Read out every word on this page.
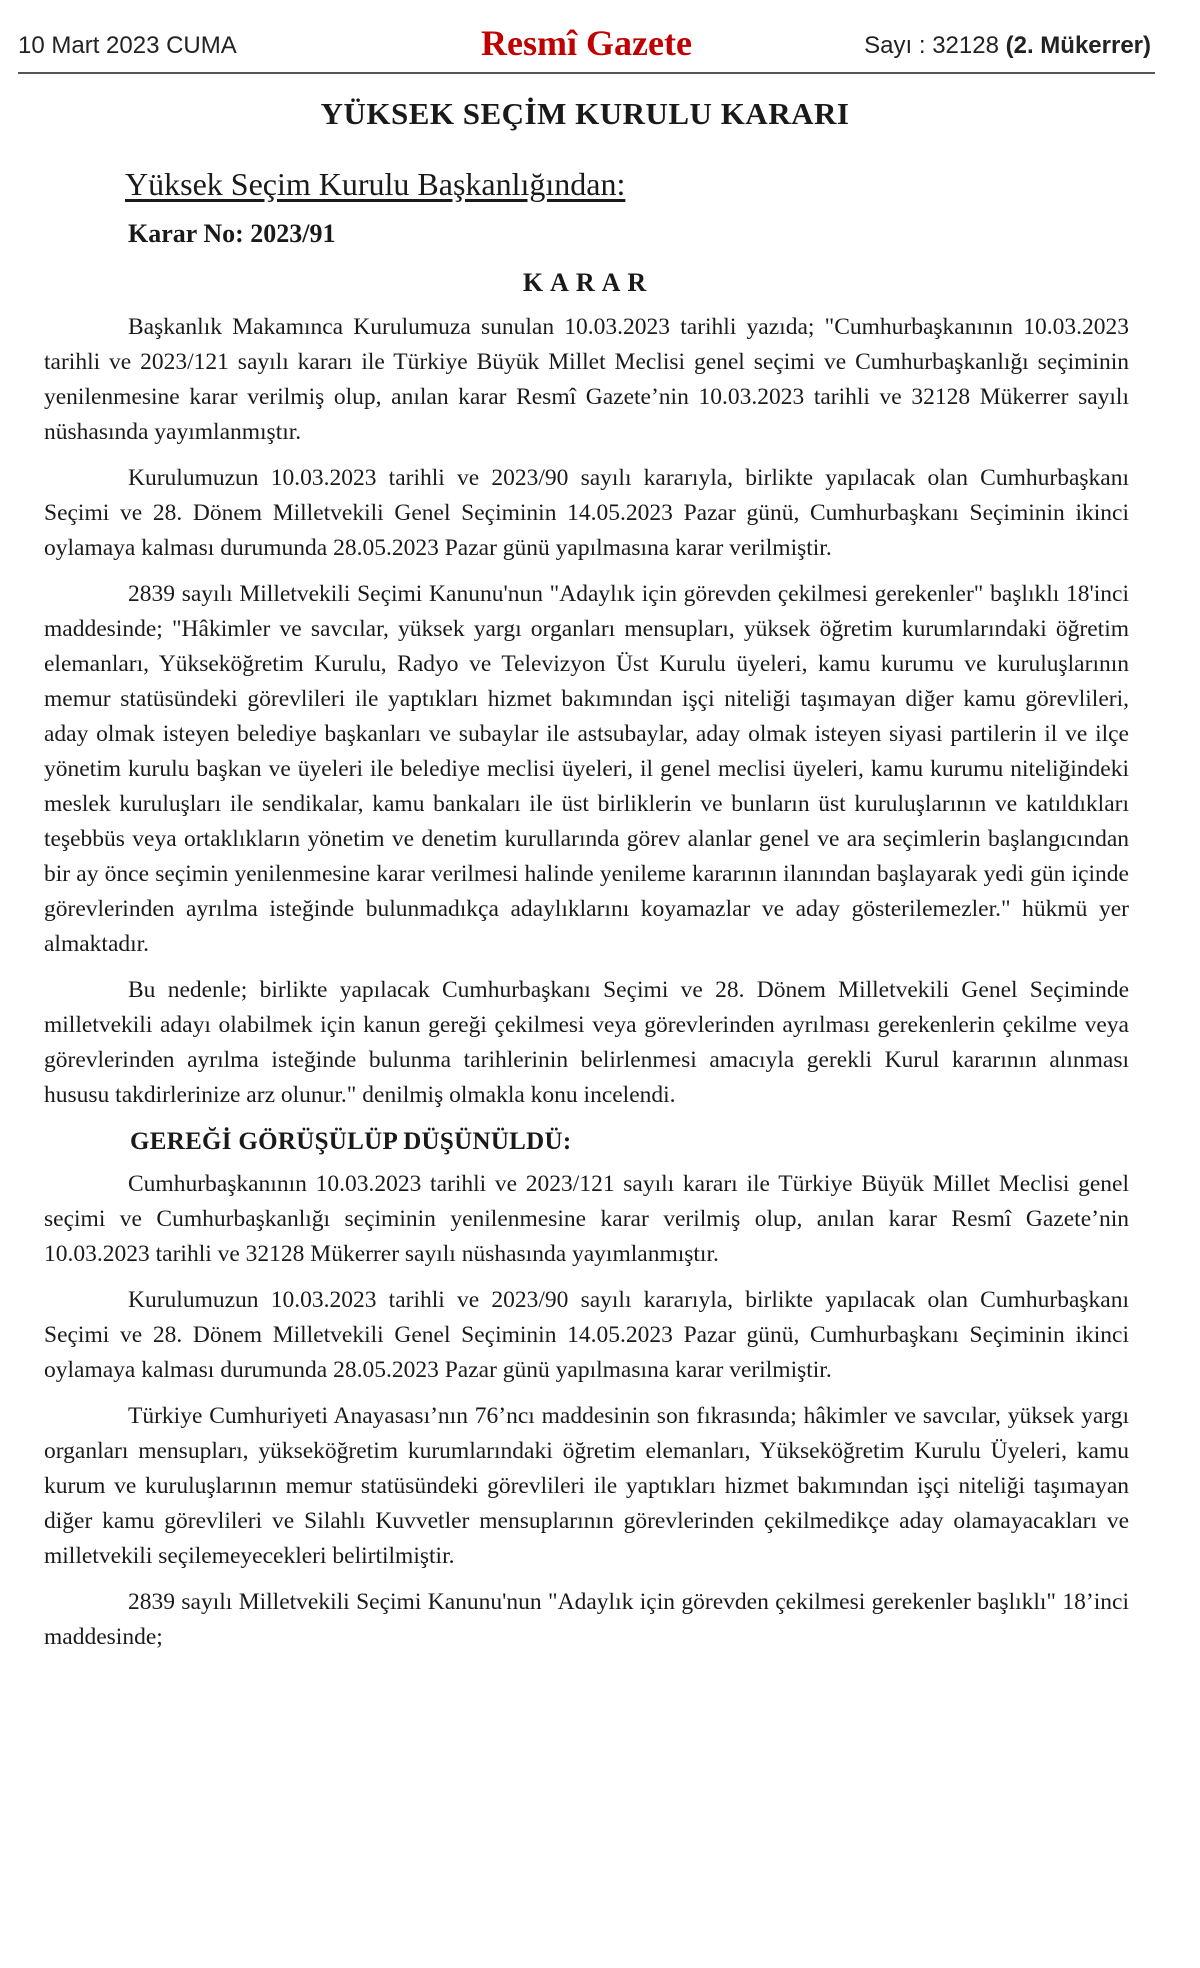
10 Mart 2023 CUMA	Resmî Gazete	Sayı : 32128 (2. Mükerrer)
YÜKSEK SEÇİM KURULU KARARI
Yüksek Seçim Kurulu Başkanlığından:
Karar No: 2023/91
KARAR

Başkanlık Makamınca Kurulumuza sunulan 10.03.2023 tarihli yazıda; "Cumhurbaşkanının 10.03.2023 tarihli ve 2023/121 sayılı kararı ile Türkiye Büyük Millet Meclisi genel seçimi ve Cumhurbaşkanlığı seçiminin yenilenmesine karar verilmiş olup, anılan karar Resmî Gazete’nin 10.03.2023 tarihli ve 32128 Mükerrer sayılı nüshasında yayımlanmıştır.

Kurulumuzun 10.03.2023 tarihli ve 2023/90 sayılı kararıyla, birlikte yapılacak olan Cumhurbaşkanı Seçimi ve 28. Dönem Milletvekili Genel Seçiminin 14.05.2023 Pazar günü, Cumhurbaşkanı Seçiminin ikinci oylamaya kalması durumunda 28.05.2023 Pazar günü yapılmasına karar verilmiştir.

2839 sayılı Milletvekili Seçimi Kanunu'nun "Adaylık için görevden çekilmesi gerekenler" başlıklı 18'inci maddesinde; "Hâkimler ve savcılar, yüksek yargı organları mensupları, yüksek öğretim kurumlarındaki öğretim elemanları, Yükseköğretim Kurulu, Radyo ve Televizyon Üst Kurulu üyeleri, kamu kurumu ve kuruluşlarının memur statüsündeki görevlileri ile yaptıkları hizmet bakımından işçi niteliği taşımayan diğer kamu görevlileri, aday olmak isteyen belediye başkanları ve subaylar ile astsubaylar, aday olmak isteyen siyasi partilerin il ve ilçe yönetim kurulu başkan ve üyeleri ile belediye meclisi üyeleri, il genel meclisi üyeleri, kamu kurumu niteliğindeki meslek kuruluşları ile sendikalar, kamu bankaları ile üst birliklerin ve bunların üst kuruluşlarının ve katıldıkları teşebbüs veya ortaklıkların yönetim ve denetim kurullarında görev alanlar genel ve ara seçimlerin başlangıcından bir ay önce seçimin yenilenmesine karar verilmesi halinde yenileme kararının ilanından başlayarak yedi gün içinde görevlerinden ayrılma isteğinde bulunmadıkça adaylıklarını koyamazlar ve aday gösterilemezler." hükmü yer almaktadır.

Bu nedenle; birlikte yapılacak Cumhurbaşkanı Seçimi ve 28. Dönem Milletvekili Genel Seçiminde milletvekili adayı olabilmek için kanun gereği çekilmesi veya görevlerinden ayrılması gerekenlerin çekilme veya görevlerinden ayrılma isteğinde bulunma tarihlerinin belirlenmesi amacıyla gerekli Kurul kararının alınması hususu takdirlerinize arz olunur." denilmiş olmakla konu incelendi.

GEREĞİ GÖRÜŞÜLÜP DÜŞÜNÜLDÜ:

Cumhurbaşkanının 10.03.2023 tarihli ve 2023/121 sayılı kararı ile Türkiye Büyük Millet Meclisi genel seçimi ve Cumhurbaşkanlığı seçiminin yenilenmesine karar verilmiş olup, anılan karar Resmî Gazete’nin 10.03.2023 tarihli ve 32128 Mükerrer sayılı nüshasında yayımlanmıştır.

Kurulumuzun 10.03.2023 tarihli ve 2023/90 sayılı kararıyla, birlikte yapılacak olan Cumhurbaşkanı Seçimi ve 28. Dönem Milletvekili Genel Seçiminin 14.05.2023 Pazar günü, Cumhurbaşkanı Seçiminin ikinci oylamaya kalması durumunda 28.05.2023 Pazar günü yapılmasına karar verilmiştir.

Türkiye Cumhuriyeti Anayasası’nın 76’ncı maddesinin son fıkrasında; hâkimler ve savcılar, yüksek yargı organları mensupları, yükseköğretim kurumlarındaki öğretim elemanları, Yükseköğretim Kurulu Üyeleri, kamu kurum ve kuruluşlarının memur statüsündeki görevlileri ile yaptıkları hizmet bakımından işçi niteliği taşımayan diğer kamu görevlileri ve Silahlı Kuvvetler mensuplarının görevlerinden çekilmedikçe aday olamayacakları ve milletvekili seçilemeyecekleri belirtilmiştir.

2839 sayılı Milletvekili Seçimi Kanunu'nun "Adaylık için görevden çekilmesi gerekenler başlıklı" 18’inci maddesinde;
